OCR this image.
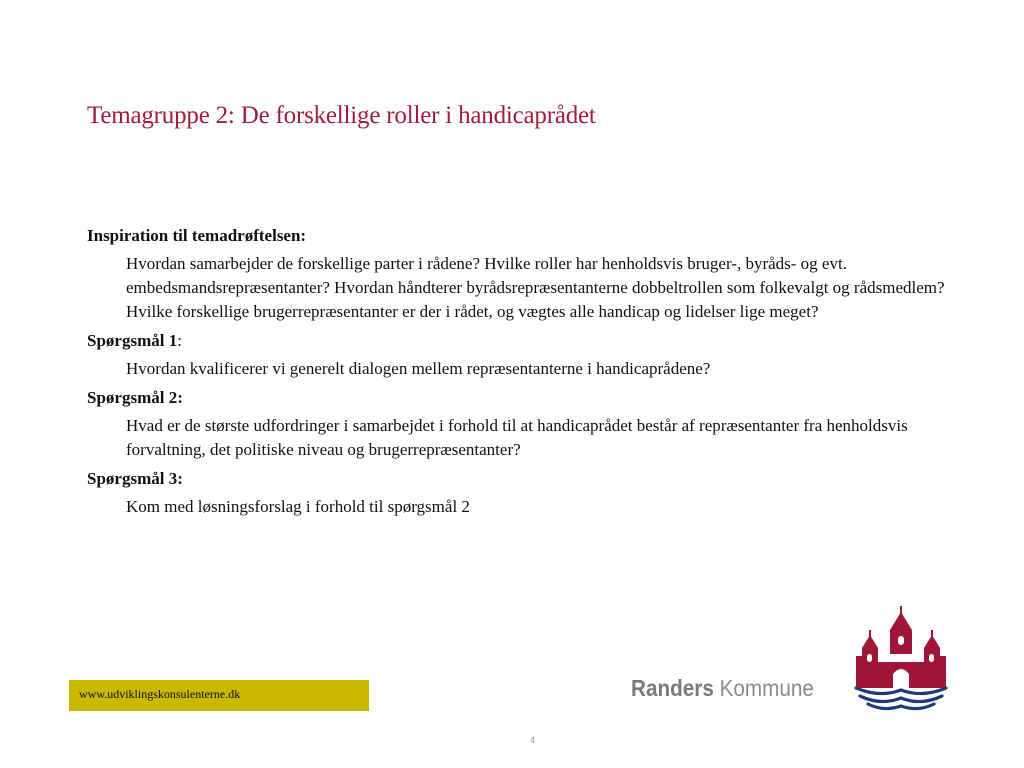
Temagruppe 2: De forskellige roller i handicaprådet

Inspiration til temadrøftelsen:

Hvordan samarbejder de forskellige parter i rådene? Hvilke roller har henholdsvis bruger-, byråds- og evt. embedsmandsrepræsentanter? Hvordan håndterer byrådsrepræsentanterne dobbeltrollen som folkevalgt og rådsmedlem? Hvilke forskellige brugerrepræsentanter er der i rådet, og vægtes alle handicap og lidelser lige meget?

Spørgsmål 1:

Hvordan kvalificerer vi generelt dialogen mellem repræsentanterne i handicaprådene?

Spørgsmål 2:

Hvad er de største udfordringer i samarbejdet i forhold til at handicaprådet består af repræsentanter fra henholdsvis forvaltning, det politiske niveau og brugerrepræsentanter?

Spørgsmål 3:

Kom med løsningsforslag i forhold til spørgsmål 2

www.udviklingskonsulenterne.dk	Randers Kommune
4
